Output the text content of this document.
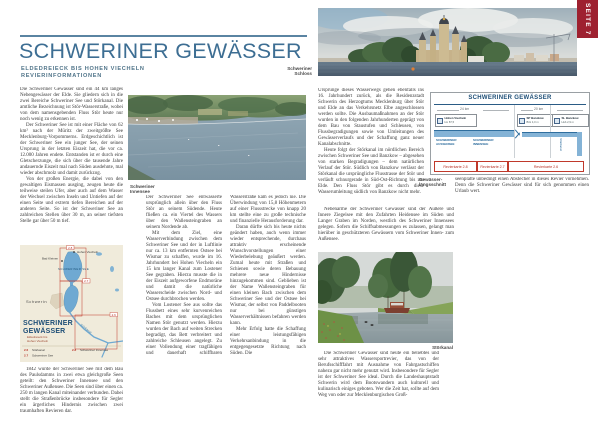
SCHWERINER GEWÄSSER
ELDEDREIECK BIS HOHEN VIECHELN
REVIERINFORMATIONEN

Die Schweriner Gewässer sind ein 44 km langes Nebengewässer der Elde. Sie gliedern sich in die zwei Bereiche Schweriner See und Störkanal. Die amtliche Bezeichnung ist Stör-Wasserstraße, wobei von dem namensgebenden Fluss Stör heute nur noch wenig zu erkennen ist.

Der Schweriner See ist mit einer Fläche von 62 km² nach der Müritz der zweitgrößte See Mecklenburg-Vorpommerns. Erdgeschichtlich ist der Schweriner See ein junger See, der seinen Ursprung in der letzten Eiszeit hat, die vor ca. 12.000 Jahren endete. Entstanden ist er durch eine Gletscherzunge, die sich über die tausende Jahre andauernde Eiszeit mal nach Süden ausdehnte, mal wieder abschmolz und damit zurückzog.

Von der großen Energie, die dabei von den gewaltigen Eismassen ausging, zeugen heute die teilweise steilen Ufer, aber auch auf dem Wasser der Wechsel zwischen Inseln und Untiefen auf der einen Seite und extrem tiefen Bereichen auf der anderen Seite. So ist der Schweriner See an zahlreichen Stellen über 30 m, an seiner tiefsten Stelle gar über 50 m tief.

Schweriner Innensee

Der Schweriner See entwässerte ursprünglich allein über den Fluss Stör an seinem Südende. Heute fließen ca. ein Viertel des Wassers über den Wallensteingraben an seinem Nordende ab.

Mit dem Ziel, eine Wasserverbindung zwischen dem Schweriner See und der in Luftlinie nur ca. 13 km entfernten Ostsee bei Wismar zu schaffen, wurde im 16. Jahrhundert bei Hohen Viecheln ein 15 km langer Kanal zum Lostener See gegraben. Hierzu musste die in der Eiszeit aufgeworfene Endmoräne und damit die natürliche Wasserscheide zwischen Nord- und Ostsee durchbrochen werden.

Vom Lostener See aus sollte das Flussbett eines sehr kurvenreichen Baches mit dem ursprünglichen Namen Stör genutzt werden. Hierzu wurden der Bach auf weiten Strecken begradigt, das Bett verbreitert und zahlreiche Schleusen angelegt. Zu einer Vollendung einer tragfähigen und dauerhaft schiffbaren Wasserstraße kam es jedoch nie. Die Überwindung von 15,8 Höhenmetern auf einer Flussstrecke von knapp 20 km stellte eine zu große technische und finanzielle Herausforderung dar.

Daran dürfte sich bis heute nichts geändert haben, auch wenn immer wieder entsprechende, durchaus attraktiv erscheinende Wunschvorstellungen einer Wiederbelebung geäußert werden. Zumal heute mit Straßen und Schienen sowie deren Bebauung mehrere neue Hindernisse hinzugekommen sind. Geblieben ist der Name Wallensteingraben für einen kleinen Bach zwischen dem Schweriner See und der Ostsee bei Wismar, der selbst von Paddelbooten nur bei günstigen Wasserverhältnissen befahren werden kann.

Mehr Erfolg hatte die Schaffung einer leistungsfähigen Verkehrsanbindung in die entgegengesetzte Richtung nach Süden. Die

Störkanal
SCHWERINER SEE
Hohen Viecheln
Bad Kleinen
Schwerin
2.8
2.7
2.6
SCHWERINER
GEWÄSSER
Eldedreieck bis
Hohen Viecheln
2.6 Störkanal
2.7 Schweriner See
2.8 Schweriner Innensee

1842 wurde der Schweriner See mit dem Bau des Paulsdamms in zwei etwa gleichgroße Seen geteilt: den Schweriner Innensee und den Schweriner Außensee. Die Seen sind über einen ca. 250 m langen Kanal miteinander verbunden. Dabei stellt die Straßenbrücke insbesondere für Segler ein ärgerliches Hindernis zwischen zwei traumhaften Revieren dar.

Schweriner Schloss
SEITE 7

Ursprünge dieses Wasserwegs gehen ebenfalls ins 16. Jahrhundert zurück, als die Residenzstadt Schwerin des Herzogtums Mecklenburg über Stör und Elde an das Verkehrsnetz Elbe angeschlossen werden sollte. Die Ausbaumaßnahmen an der Stör wurden in den folgenden Jahrhunderten geprägt von dem Bau von Staustufen und Schleusen, von Flussbegradigungen sowie von Umleitungen des Gewässerverlaufs und der Schaffung ganz neuer Kanalabschnitte.

Heute folgt der Störkanal im nördlichen Bereich zwischen Schweriner See und Banzkow – abgesehen von starken Begradigungen – dem natürlichen Verlauf der Stör. Südlich von Banzkow verlässt der Störkanal die ursprüngliche Flusstrasse der Stör und verläuft schnurgerade in Süd-Ost-Richtung bis zur Elde. Den Fluss Stör gibt es durch diese Wasserumleitung südlich von Banzkow nicht mehr.

SCHWERINER GEWÄSSER
24 km	20 km
Hohen Viecheln
km 87,5
SP Banzkow
BrH 4,0 m
SL Banzkow
Hub 2,9 m
SCHWERINER AUSSENSEE
SCHWERINER INNENSEE	Störkanal
Revierkarte 2.8	Revierkarte 2.7	Revierkarte 2.6
Gewässer-
längsschnitt

seenplatte unbedingt einen Abstecher in dieses Revier vornehmen. Denn die Schweriner Gewässer sind für sich genommen einen Urlaub wert.

Nebenarme der Schweriner Gewässer sind der Äußere und Innere Ziegelsee mit den Zufahrten Heidensee im Süden und Langer Graben im Norden, westlich des Schweriner Innensees gelegen. Sofern die Schiffsabmessungen es zulassen, gelangt man hierüber in geschützteren Gewässern vom Schweriner Innen- zum Außensee.

Störkanal

Die Schweriner Gewässer sind heute ein beliebtes und sehr attraktives Wassersportrevier, das von der Berufsschifffahrt mit Ausnahme von Fahrgastschiffen nahezu gar nicht mehr genutzt wird. Insbesondere für Segler ist der Schweriner See ideal. Durch die Landeshauptstadt Schwerin wird dem Bootswandern auch kulturell und kulinarisch einiges geboten. Wer die Zeit hat, sollte auf dem Weg von oder zur Mecklenburgischen Groß-
